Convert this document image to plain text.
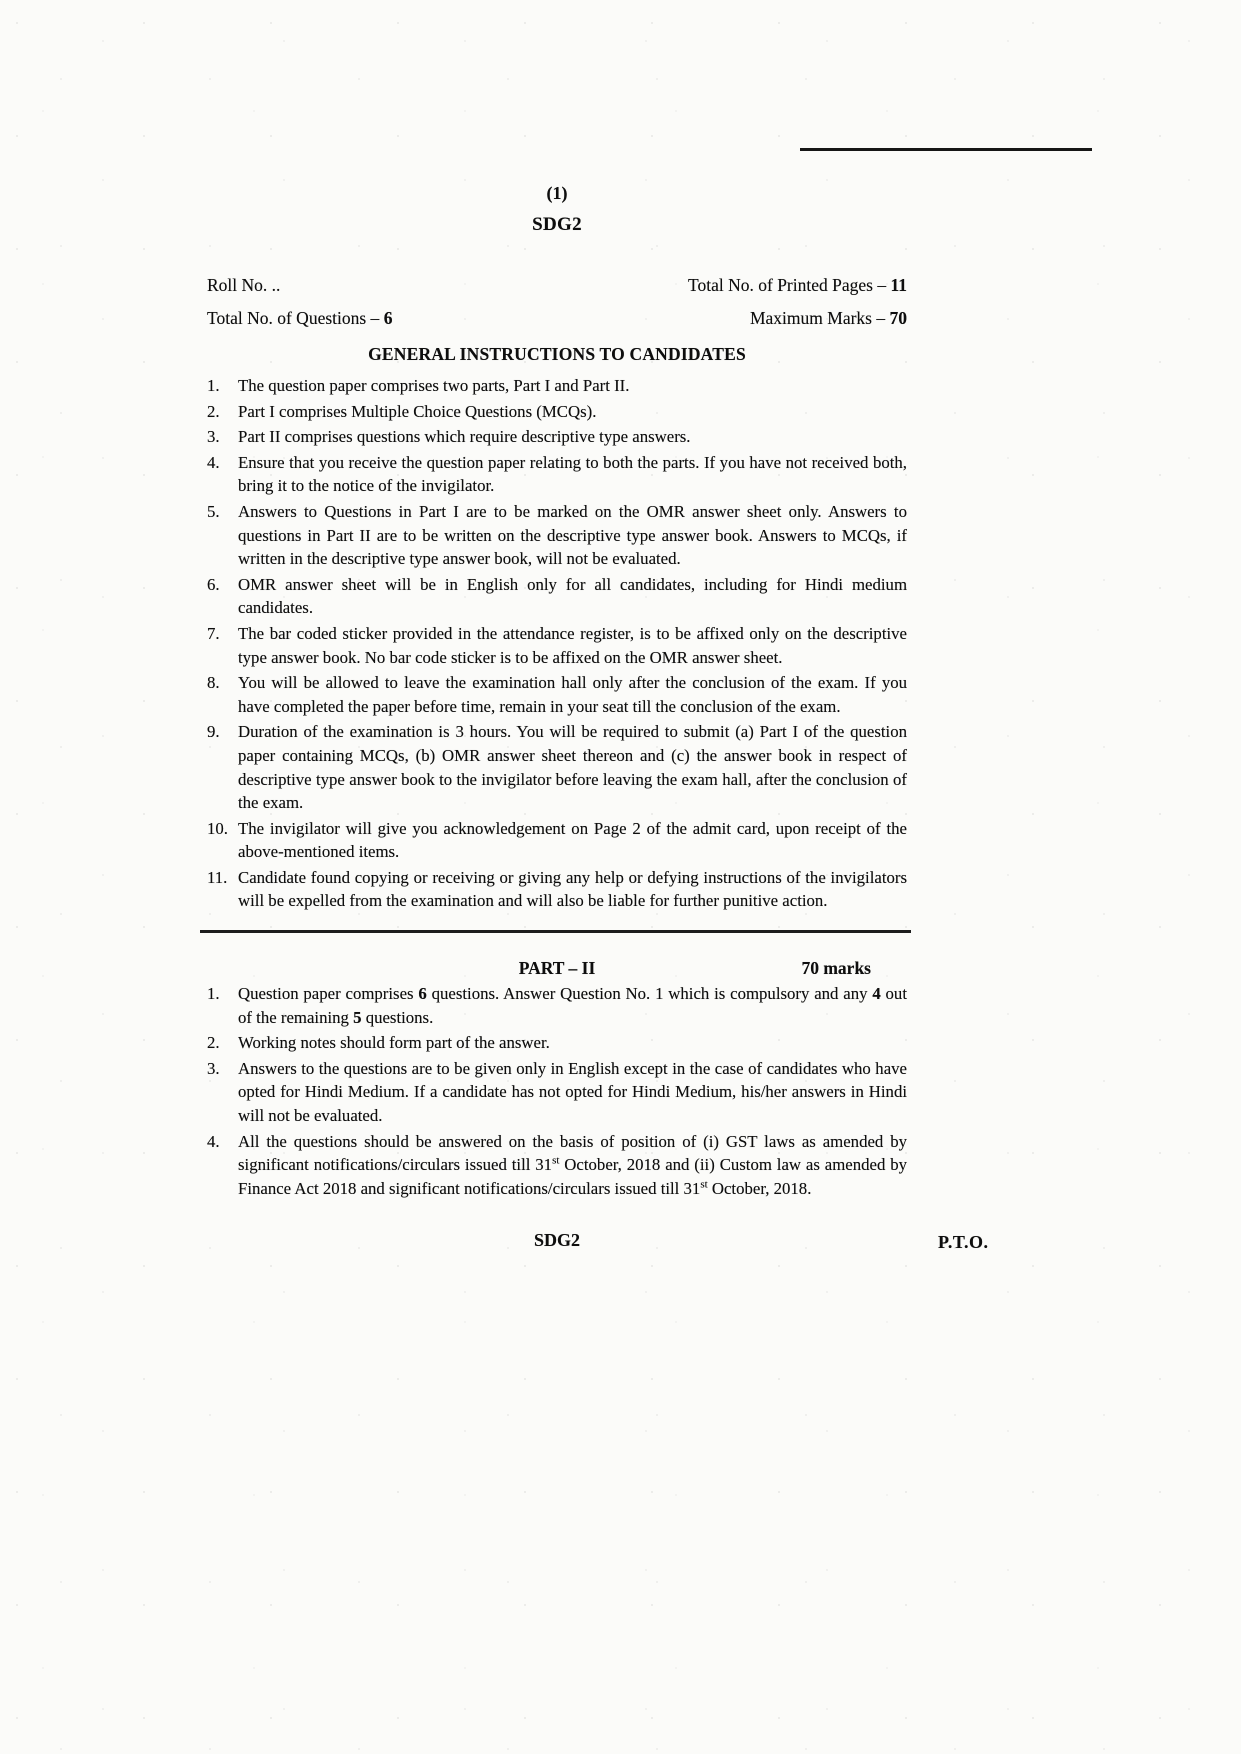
(1)
SDG2
Roll No. ..	Total No. of Printed Pages – 11
Total No. of Questions – 6	Maximum Marks – 70
GENERAL INSTRUCTIONS TO CANDIDATES
1.	The question paper comprises two parts, Part I and Part II.
2.	Part I comprises Multiple Choice Questions (MCQs).
3.	Part II comprises questions which require descriptive type answers.
4.	Ensure that you receive the question paper relating to both the parts. If you have not received both, bring it to the notice of the invigilator.
5.	Answers to Questions in Part I are to be marked on the OMR answer sheet only. Answers to questions in Part II are to be written on the descriptive type answer book. Answers to MCQs, if written in the descriptive type answer book, will not be evaluated.
6.	OMR answer sheet will be in English only for all candidates, including for Hindi medium candidates.
7.	The bar coded sticker provided in the attendance register, is to be affixed only on the descriptive type answer book. No bar code sticker is to be affixed on the OMR answer sheet.
8.	You will be allowed to leave the examination hall only after the conclusion of the exam. If you have completed the paper before time, remain in your seat till the conclusion of the exam.
9.	Duration of the examination is 3 hours. You will be required to submit (a) Part I of the question paper containing MCQs, (b) OMR answer sheet thereon and (c) the answer book in respect of descriptive type answer book to the invigilator before leaving the exam hall, after the conclusion of the exam.
10. The invigilator will give you acknowledgement on Page 2 of the admit card, upon receipt of the above-mentioned items.
11. Candidate found copying or receiving or giving any help or defying instructions of the invigilators will be expelled from the examination and will also be liable for further punitive action.
PART – II	70 marks
1.	Question paper comprises 6 questions. Answer Question No. 1 which is compulsory and any 4 out of the remaining 5 questions.
2.	Working notes should form part of the answer.
3.	Answers to the questions are to be given only in English except in the case of candidates who have opted for Hindi Medium. If a candidate has not opted for Hindi Medium, his/her answers in Hindi will not be evaluated.
4.	All the questions should be answered on the basis of position of (i) GST laws as amended by significant notifications/circulars issued till 31st October, 2018 and (ii) Custom law as amended by Finance Act 2018 and significant notifications/circulars issued till 31st October, 2018.
SDG2	P.T.O.
